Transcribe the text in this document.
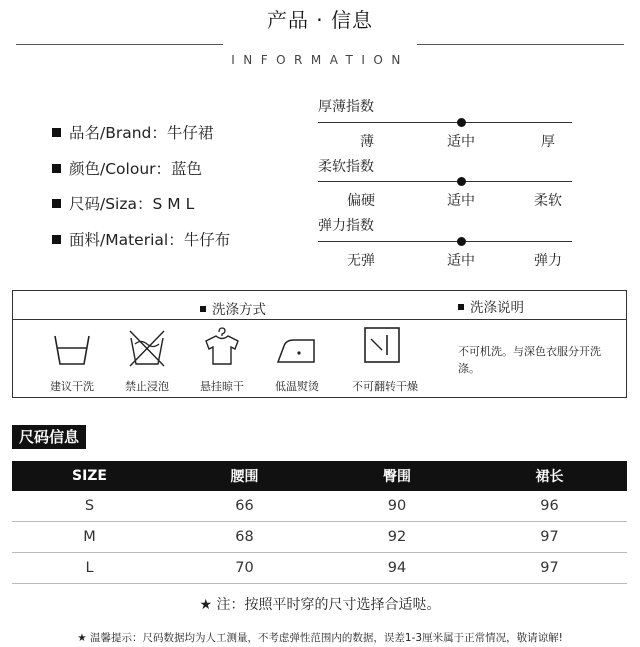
产品 · 信息
INFORMATION
品名/Brand：牛仔裙
颜色/Colour：蓝色
尺码/Siza：S M L
面料/Material：牛仔布
厚薄指数
薄	适中	厚
柔软指数
偏硬	适中	柔软
弹力指数
无弹	适中	弹力
洗涤方式	洗涤说明
建议干洗	禁止浸泡	悬挂晾干	低温熨烫	不可翻转干燥
不可机洗。与深色衣服分开洗涤。
尺码信息
SIZE	腰围	臀围	裙长
S	66	90	96
M	68	92	97
L	70	94	97
★ 注：按照平时穿的尺寸选择合适哒。
★ 温馨提示：尺码数据均为人工测量，不考虑弹性范围内的数据，误差1-3厘米属于正常情况，敬请谅解!
